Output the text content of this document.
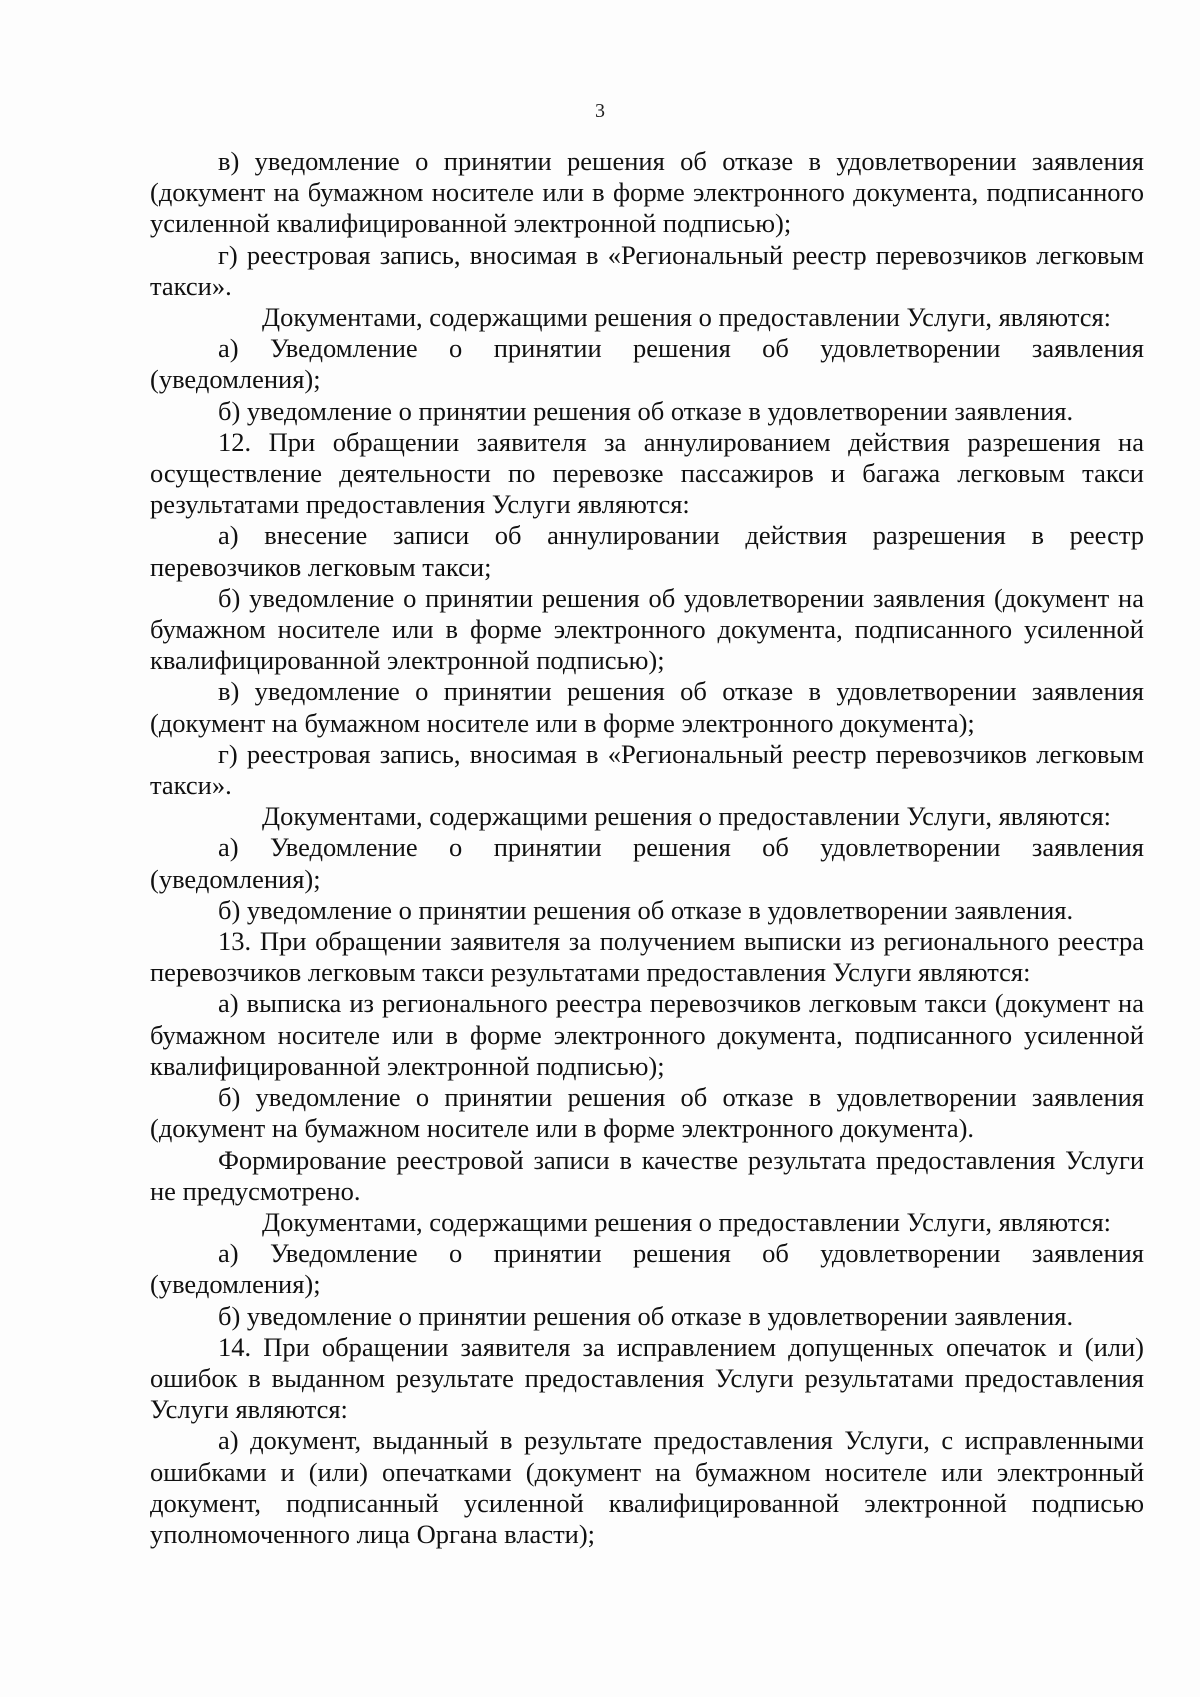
3

в) уведомление о принятии решения об отказе в удовлетворении заявления (документ на бумажном носителе или в форме электронного документа, подписанного усиленной квалифицированной электронной подписью);

г) реестровая запись, вносимая в «Региональный реестр перевозчиков легковым такси».

Документами, содержащими решения о предоставлении Услуги, являются:

а) Уведомление о принятии решения об удовлетворении заявления (уведомления);

б) уведомление о принятии решения об отказе в удовлетворении заявления.

12. При обращении заявителя за аннулированием действия разрешения на осуществление деятельности по перевозке пассажиров и багажа легковым такси результатами предоставления Услуги являются:

а) внесение записи об аннулировании действия разрешения в реестр перевозчиков легковым такси;

б) уведомление о принятии решения об удовлетворении заявления (документ на бумажном носителе или в форме электронного документа, подписанного усиленной квалифицированной электронной подписью);

в) уведомление о принятии решения об отказе в удовлетворении заявления (документ на бумажном носителе или в форме электронного документа);

г) реестровая запись, вносимая в «Региональный реестр перевозчиков легковым такси».

Документами, содержащими решения о предоставлении Услуги, являются:

а) Уведомление о принятии решения об удовлетворении заявления (уведомления);

б) уведомление о принятии решения об отказе в удовлетворении заявления.

13. При обращении заявителя за получением выписки из регионального реестра перевозчиков легковым такси результатами предоставления Услуги являются:

а) выписка из регионального реестра перевозчиков легковым такси (документ на бумажном носителе или в форме электронного документа, подписанного усиленной квалифицированной электронной подписью);

б) уведомление о принятии решения об отказе в удовлетворении заявления (документ на бумажном носителе или в форме электронного документа).

Формирование реестровой записи в качестве результата предоставления Услуги не предусмотрено.

Документами, содержащими решения о предоставлении Услуги, являются:

а) Уведомление о принятии решения об удовлетворении заявления (уведомления);

б) уведомление о принятии решения об отказе в удовлетворении заявления.

14. При обращении заявителя за исправлением допущенных опечаток и (или) ошибок в выданном результате предоставления Услуги результатами предоставления Услуги являются:

а) документ, выданный в результате предоставления Услуги, с исправленными ошибками и (или) опечатками (документ на бумажном носителе или электронный документ, подписанный усиленной квалифицированной электронной подписью уполномоченного лица Органа власти);
